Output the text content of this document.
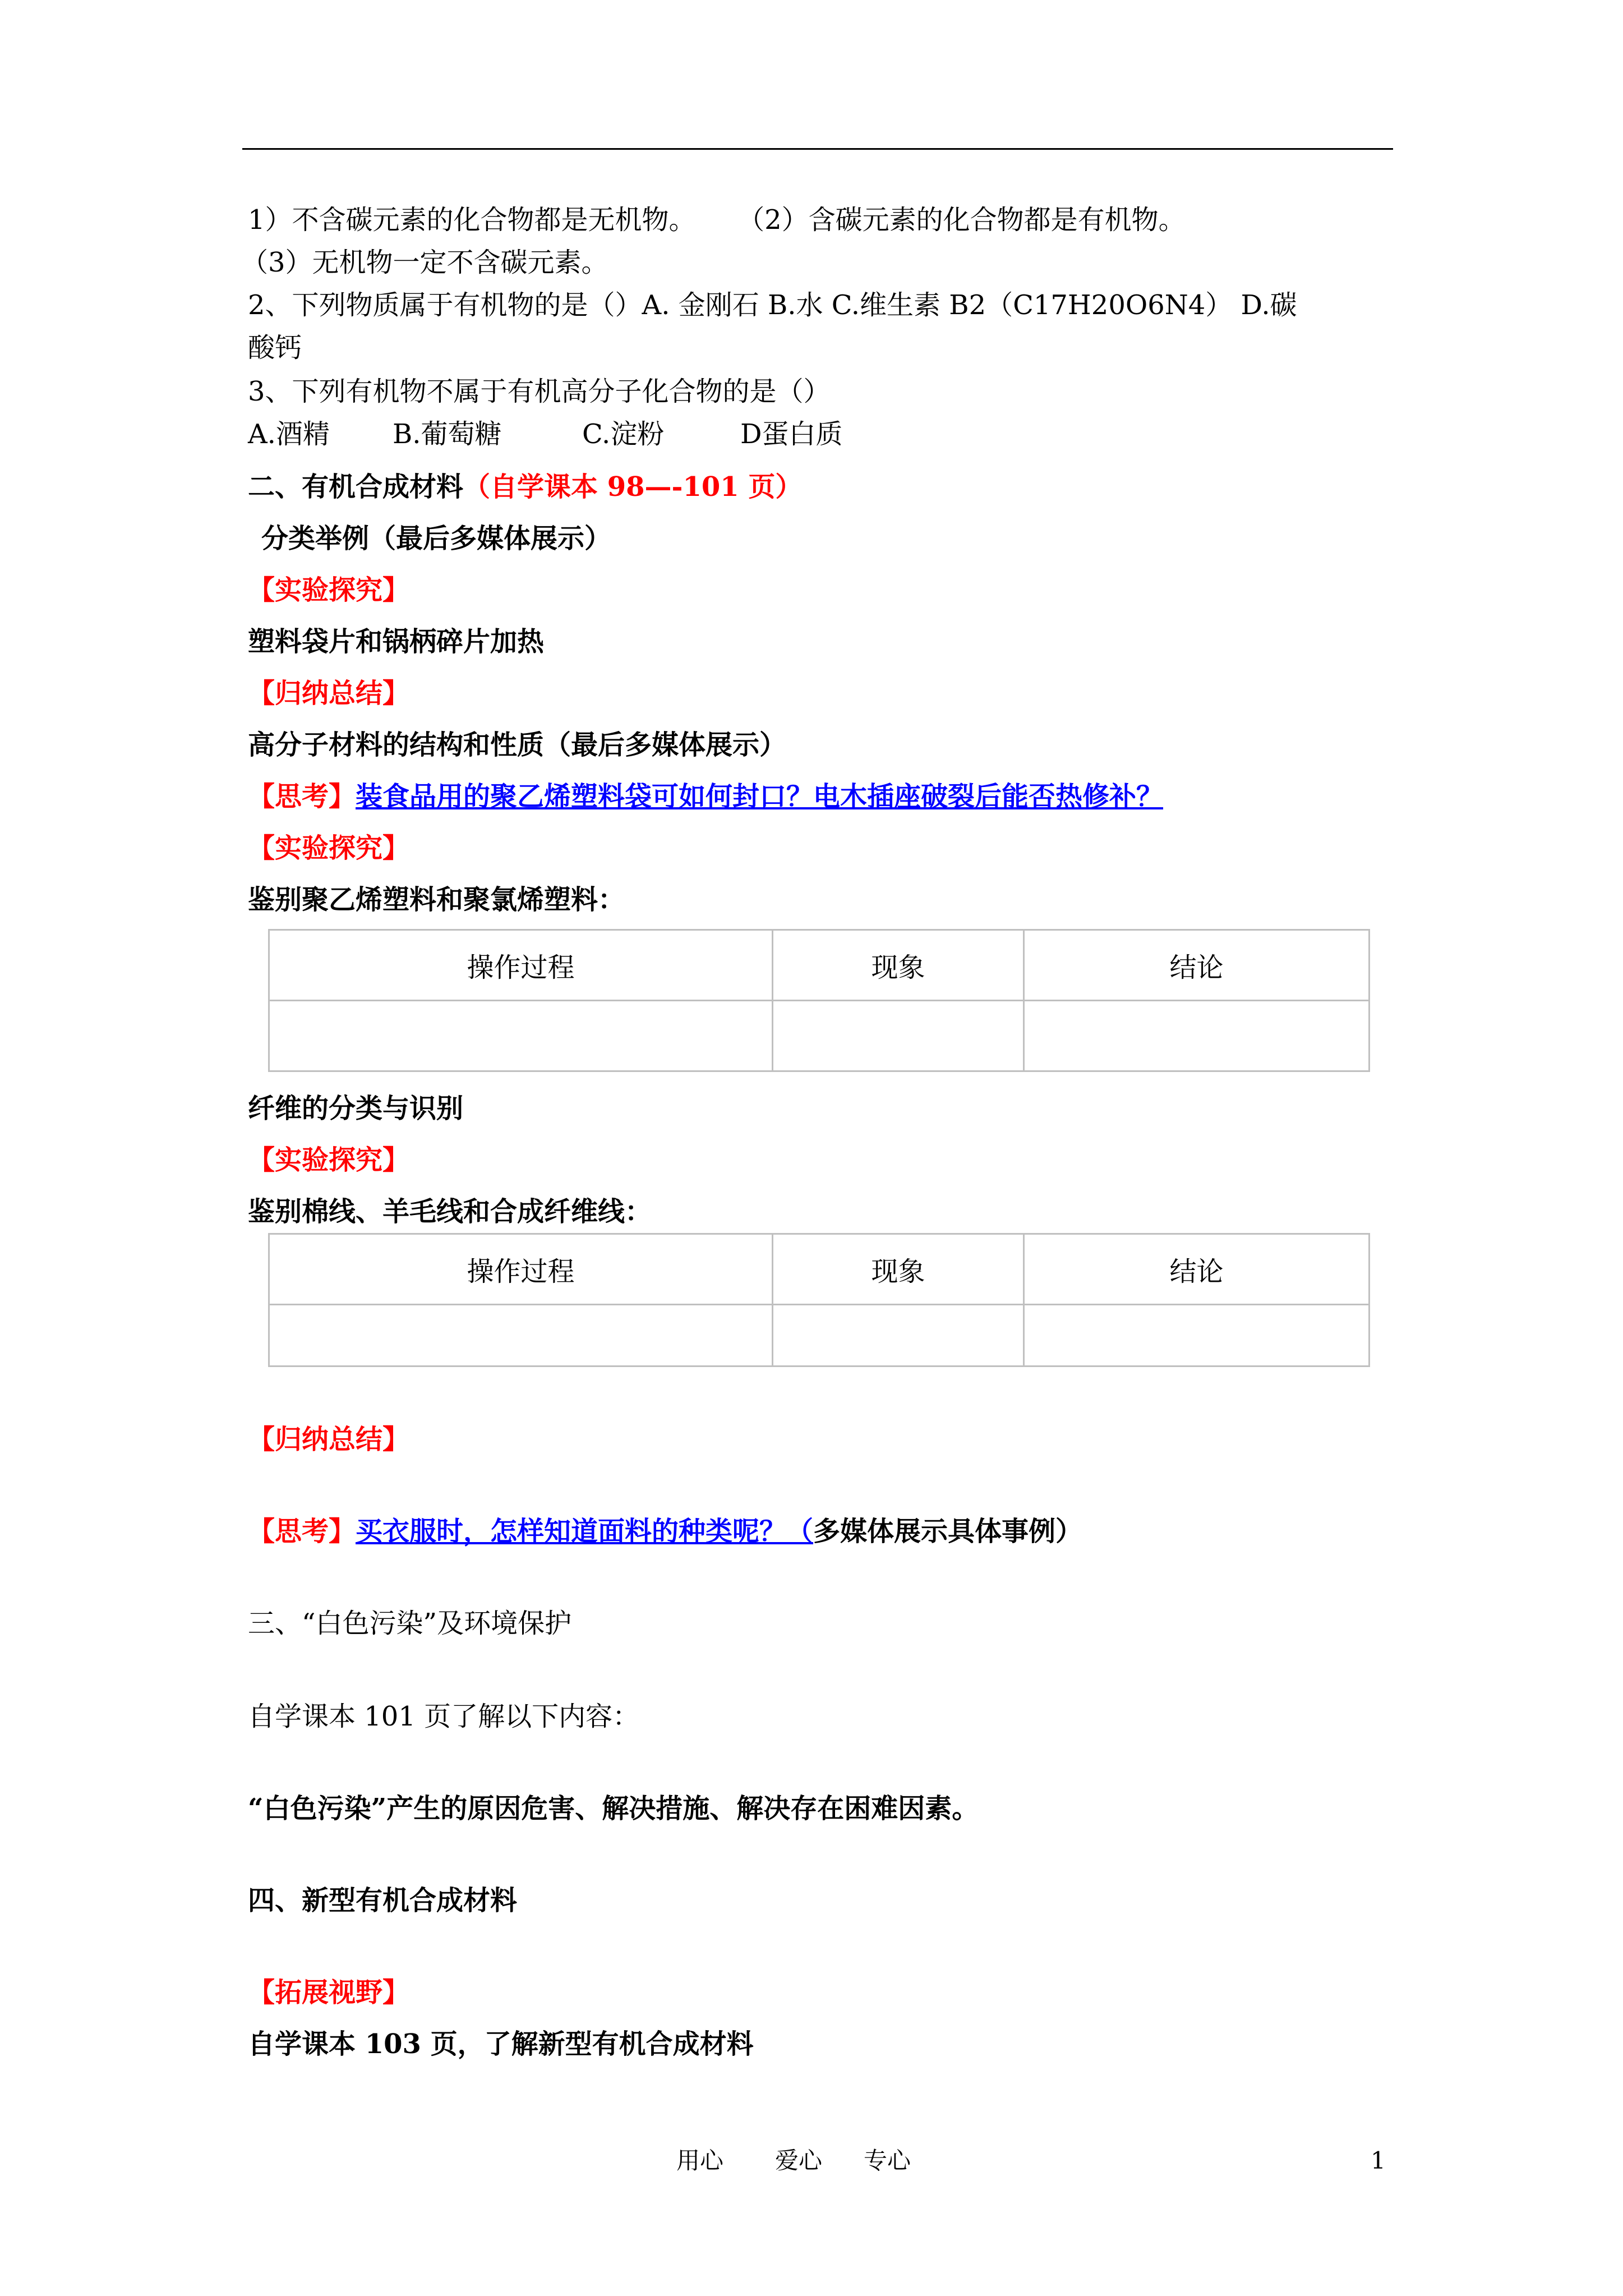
1）不含碳元素的化合物都是无机物。 （2）含碳元素的化合物都是有机物。
（3）无机物一定不含碳元素。
2、下列物质属于有机物的是（）A. 金刚石 B.水 C.维生素 B2（C17H20O6N4） D.碳
酸钙
3、下列有机物不属于有机高分子化合物的是（）
A.酒精 B.葡萄糖	C.淀粉	D蛋白质
二、有机合成材料（自学课本 98—-101 页）
分类举例（最后多媒体展示）
【实验探究】
塑料袋片和锅柄碎片加热
【归纳总结】
高分子材料的结构和性质（最后多媒体展示）
【思考】装食品用的聚乙烯塑料袋可如何封口？电木插座破裂后能否热修补？
【实验探究】
鉴别聚乙烯塑料和聚氯烯塑料：
操作过程	现象	结论

纤维的分类与识别
【实验探究】
鉴别棉线、羊毛线和合成纤维线：
操作过程	现象	结论

【归纳总结】
【思考】买衣服时，怎样知道面料的种类呢？（多媒体展示具体事例）
三、“白色污染”及环境保护
自学课本 101 页了解以下内容：
“白色污染”产生的原因危害、解决措施、解决存在困难因素。
四、新型有机合成材料
【拓展视野】
自学课本 103 页，了解新型有机合成材料
用心 爱心 专心	1
